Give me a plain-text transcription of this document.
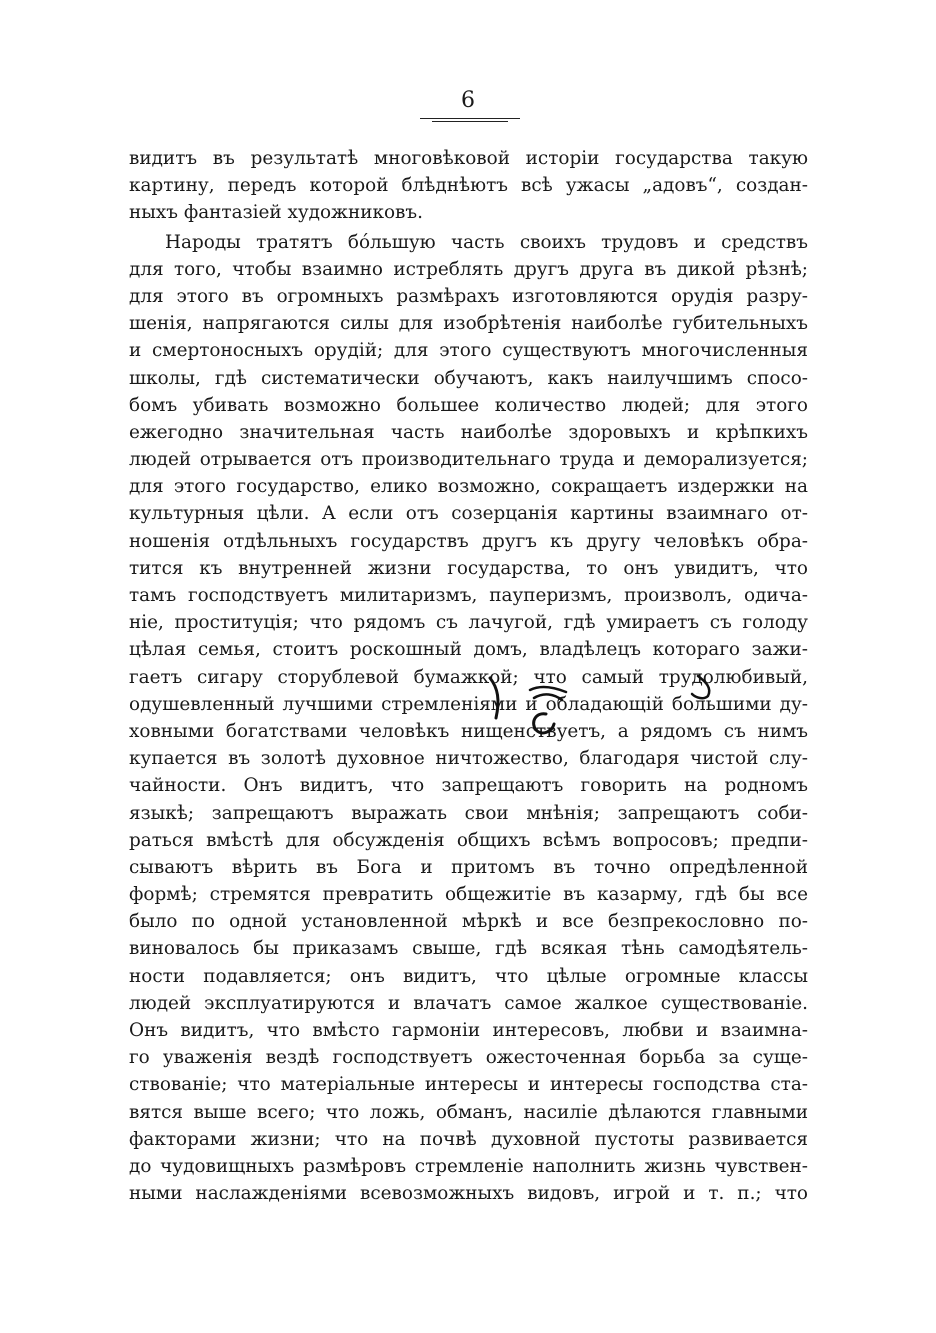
6
видитъ въ результатѣ многовѣковой исторіи государства такую
картину, передъ которой блѣднѣютъ всѣ ужасы „адовъ“, создан-
ныхъ фантазіей художниковъ.
Народы тратятъ бóльшую часть своихъ трудовъ и средствъ
для того, чтобы взаимно истреблять другъ друга въ дикой рѣзнѣ;
для этого въ огромныхъ размѣрахъ изготовляются орудія разру-
шенія, напрягаются силы для изобрѣтенія наиболѣе губительныхъ
и смертоносныхъ орудій; для этого существуютъ многочисленныя
школы, гдѣ систематически обучаютъ, какъ наилучшимъ спосо-
бомъ убивать возможно большее количество людей; для этого
ежегодно значительная часть наиболѣе здоровыхъ и крѣпкихъ
людей отрывается отъ производительнаго труда и деморализуется;
для этого государство, елико возможно, сокращаетъ издержки на
культурныя цѣли. А если отъ созерцанія картины взаимнаго от-
ношенія отдѣльныхъ государствъ другъ къ другу человѣкъ обра-
тится къ внутренней жизни государства, то онъ увидитъ, что
тамъ господствуетъ милитаризмъ, пауперизмъ, произволъ, одича-
ніе, проституція; что рядомъ съ лачугой, гдѣ умираетъ съ голоду
цѣлая семья, стоитъ роскошный домъ, владѣлецъ котораго зажи-
гаетъ сигару сторублевой бумажкой; что самый трудолюбивый,
одушевленный лучшими стремленіями и обладающій большими ду-
ховными богатствами человѣкъ нищенствуетъ, а рядомъ съ нимъ
купается въ золотѣ духовное ничтожество, благодаря чистой слу-
чайности. Онъ видитъ, что запрещаютъ говорить на родномъ
языкѣ; запрещаютъ выражать свои мнѣнія; запрещаютъ соби-
раться вмѣстѣ для обсужденія общихъ всѣмъ вопросовъ; предпи-
сываютъ вѣрить въ Бога и притомъ въ точно опредѣленной
формѣ; стремятся превратить общежитіе въ казарму, гдѣ бы все
было по одной установленной мѣркѣ и все безпрекословно по-
виновалось бы приказамъ свыше, гдѣ всякая тѣнь самодѣятель-
ности подавляется; онъ видитъ, что цѣлые огромные классы
людей эксплуатируются и влачатъ самое жалкое существованіе.
Онъ видитъ, что вмѣсто гармоніи интересовъ, любви и взаимна-
го уваженія вездѣ господствуетъ ожесточенная борьба за суще-
ствованіе; что матеріальные интересы и интересы господства ста-
вятся выше всего; что ложь, обманъ, насиліе дѣлаются главными
факторами жизни; что на почвѣ духовной пустоты развивается
до чудовищныхъ размѣровъ стремленіе наполнить жизнь чувствен-
ными наслажденіями всевозможныхъ видовъ, игрой и т. п.; что
